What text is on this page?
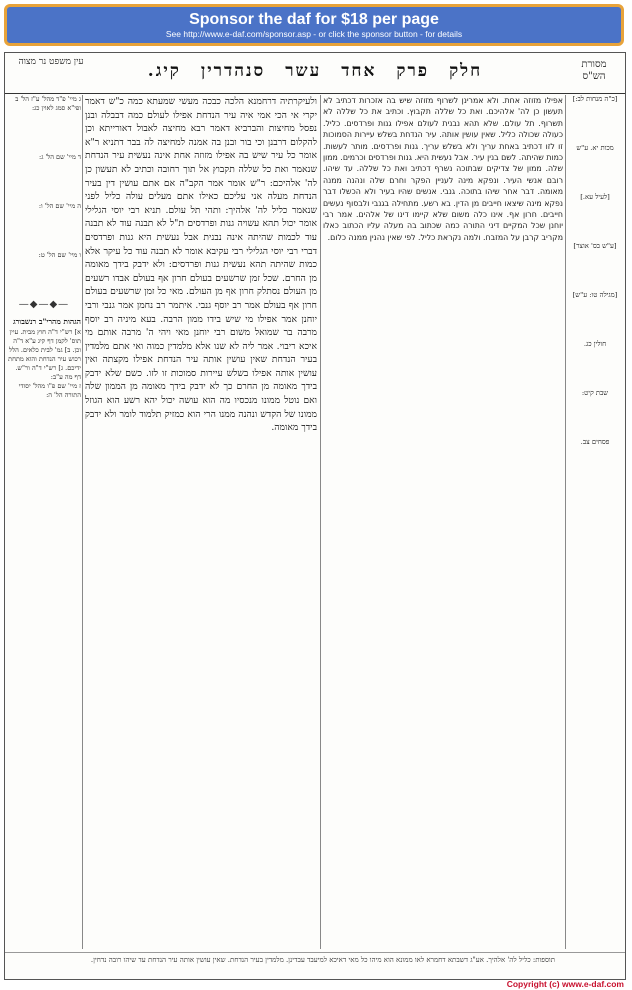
Sponsor the daf for $18 per page
See http://www.e-daf.com/sponsor.asp - or click the sponsor button - for details
עין משפט נר מצוה	חלקפרקאחדעשרסנהדריןקיג.	מסורת הש"ס
ג מיי' פ"ד מהל' ע"ז הל' ב ופי"א סמג לאוין כג:
ד מיי' שם הל' ג:
ה מיי' שם הל' ו:
ו מיי' שם הל' ט:
—◆—◆—
הגהות מהרי"ב רנשבורג
א] רש"י ד"ה חוץ מבית. עיין תוס' לקמן דף קיג ע"א ד"ה וכן. ב] גמ' לבית כלאים. הלל רכוש עיר הנדחת והוא מתחת ידיכם. ג] רש"י ד"ה ור"ש. דף מה ע"ב:
ז מיי' שם פ"ו מהל' יסודי התורה הל' ה:
ולעיקרתיה דרחמנא הלכה כבכה מעשי שמעתא כמה כ"ש דאמר יקרי אי הכי אמי איה עיר הנדחת אפילו לעולם כמה דבבלה ובנן נפסל מחיצות והברביא דאמר רבא מחיצה לאבול דאורייתא וכן להקלום דרבנן וכי בור ובנן בה אמנה למחיצה לה בבר דתניא ר"א אומר כל עיר שיש בה אפילו מזוזה אחת אינה נעשית עיר הנדחת שנאמר ואת כל שללה תקבוץ אל תוך רחובה וכתיב לא תעשון כן לה' אלהיכם: ר"ש אומר אמר הקב"ה אם אתם עושין דין בעיר הנדחת מעלה אני עליכם כאילו אתם מעלים עולה כליל לפני שנאמר כליל לה' אלהיך: ותהי תל עולם. תניא רבי יוסי הגלילי אומר יכול תהא עשויה גנות ופרדסים ת"ל לא תבנה עוד לא תבנה עוד לכמות שהיתה אינה נבנית אבל נעשית היא גנות ופרדסים דברי רבי יוסי הגלילי רבי עקיבא אומר לא תבנה עוד כל עיקר אלא כמות שהיתה תהא נעשית גנות ופרדסים: ולא ידבק בידך מאומה מן החרם. שכל זמן שרשעים בעולם חרון אף בעולם אבדו רשעים מן העולם נסתלק חרון אף מן העולם. מאי כל זמן שרשעים בעולם חרון אף בעולם אמר רב יוסף גנבי. איתמר רב נחמן אמר גנבי ורבי יוחנן אמר אפילו מי שיש בידו ממון הרבה. בעא מיניה רב יוסף מרבה בר שמואל משום רבי יוחנן מאי ויהי ה' מרבה אותם מי איכא ריבוי. אמר ליה לא שנו אלא מלמדין כמוה ואי אתם מלמדין בעיר הנדחת שאין עושין אותה עיר הנדחת אפילו מקצתה ואין עושין אותה אפילו בשלש עיירות סמוכות זו לזו. כשם שלא ידבק בידך מאומה מן החרם כך לא ידבק בידך מאומה מן הממון שלה ואם נוטל ממונו מנכסיו מה הוא עושה יכול יהא רשע הוא הגוזל ממונו של הקדש ונהנה ממנו הרי הוא כמזיק תלמוד לומר ולא ידבק בידך מאומה.
אפילו מזוזה אחת. ולא אמרינן לשרוף מזוזה שיש בה אזכרות דכתיב לא תעשון כן לה' אלהיכם. ואת כל שללה תקבוץ. וכתיב את כל שללה לא תשרוף. תל עולם. שלא תהא נבנית לעולם אפילו גנות ופרדסים. כליל. כעולה שכולה כליל. שאין עושין אותה. עיר הנדחת בשלש עיירות הסמוכות זו לזו דכתיב באחת עריך ולא בשלש עריך. גנות ופרדסים. מותר לעשות. כמות שהיתה. לשם בנין עיר. אבל נעשית היא. גנות ופרדסים וכרמים. ממון שלה. ממון של צדיקים שבתוכה נשרף דכתיב ואת כל שללה. עד שיהו. רובם אנשי העיר. ונפקא מינה לעניין הפקר וחרם שלה ונהנה ממנה מאומה. דבר אחר שיהו בתוכה. גנבי. אנשים שהיו בעיר ולא הכשלו דבר נפקא מינה שיצאו חייבים מן הדין. בא רשע. מתחילה בגנבי ולבסוף נעשים חייבים. חרון אף. אינו כלה משום שלא קיימו דינו של אלהים. אמר רבי יוחנן שכל המקיים דיני התורה כמה שכתוב בה מעלה עליו הכתוב כאלו מקריב קרבן על המזבח. ולמה נקראת כליל. לפי שאין נהנין ממנה כלום.
[כ"ה מנחות לב:]
מכות יא. ע"ש
[לעיל עא.]
[ע"ש בס' אוצר]
[מגילה טו: ע"ש]
חולין כג.
שבת קיט:
פסחים צב.
תוספות: כליל לה' אלהיך. אע"ג דשבתא דחמרא לאו ממונא הוא מיהו כל מאי דאיכא למיעבד עבדינן. מלמדין בעיר הנדחת. שאין עושין אותה עיר הנדחת עד שיהו רובה נדחין.
Copyright (c) www.e-daf.com
